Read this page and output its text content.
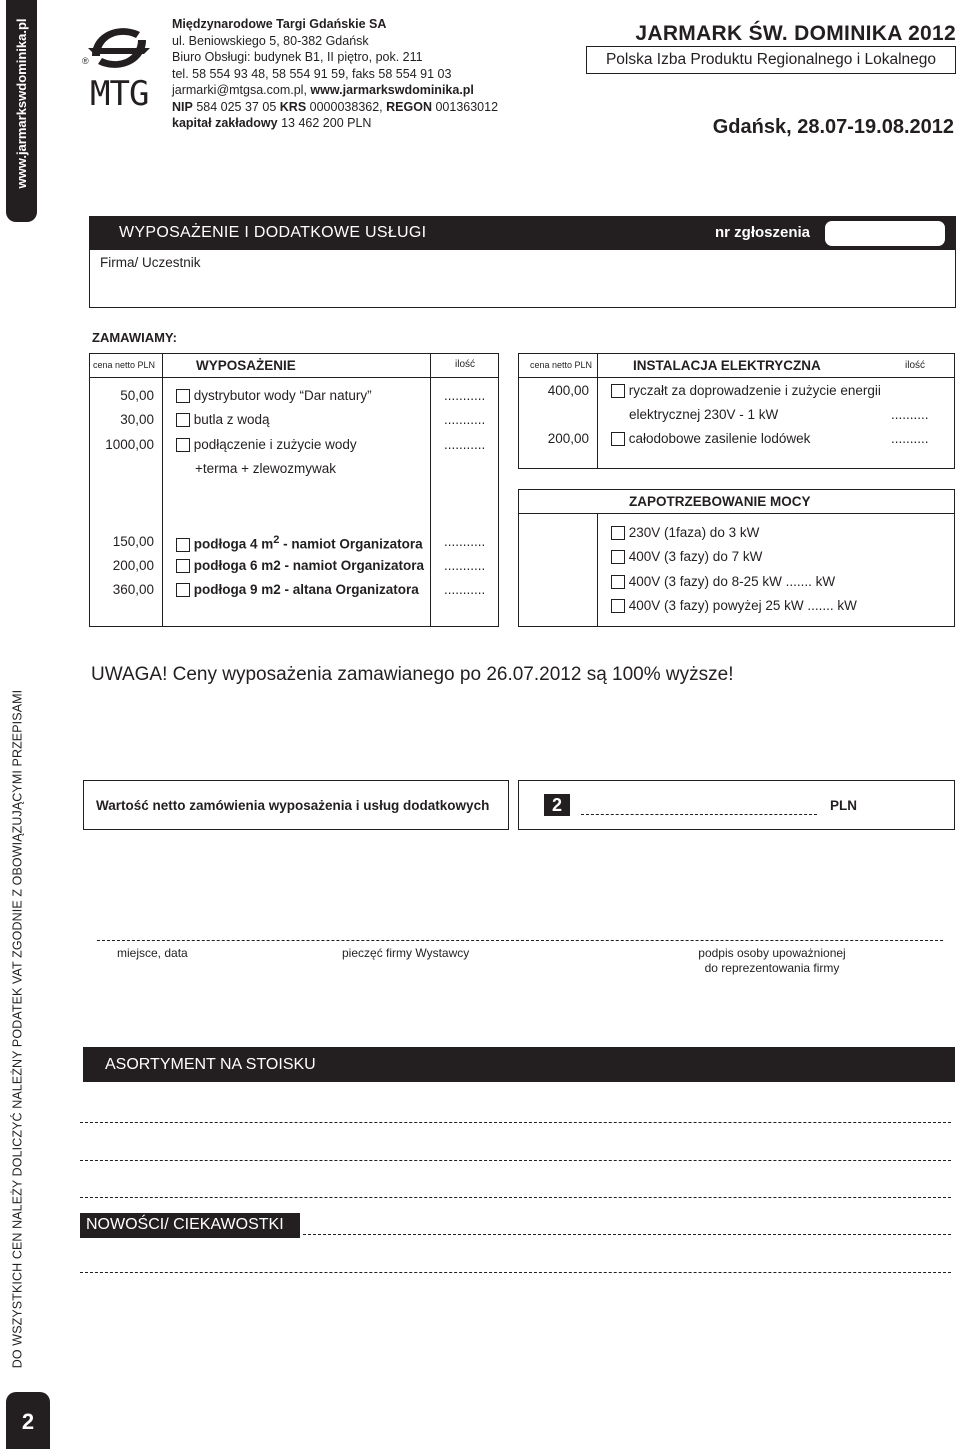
www.jarmarkswdominika.pl
DO WSZYSTKICH CEN NALEŻY DOLICZYĆ NALEŻNY PODATEK VAT ZGODNIE Z OBOWIĄZUJĄCYMI PRZEPISAMI
2
®
MTG
Międzynarodowe Targi Gdańskie SA
ul. Beniowskiego 5, 80-382 Gdańsk
Biuro Obsługi: budynek B1, II piętro, pok. 211
tel. 58 554 93 48, 58 554 91 59, faks 58 554 91 03
jarmarki@mtgsa.com.pl, www.jarmarkswdominika.pl
NIP 584 025 37 05 KRS 0000038362, REGON 001363012
kapitał zakładowy 13 462 200 PLN
JARMARK ŚW. DOMINIKA 2012
Polska Izba Produktu Regionalnego i Lokalnego
Gdańsk, 28.07-19.08.2012
WYPOSAŻENIE I DODATKOWE USŁUGI	nr zgłoszenia
Firma/ Uczestnik
ZAMAWIAMY:
cena netto PLN	WYPOSAŻENIE	ilość
50,00	dystrybutor wody “Dar natury”	...........
30,00	butla z wodą	...........
1000,00	podłączenie i zużycie wody	...........
+terma + zlewozmywak
150,00	podłoga 4 $m^2$ - namiot Organizatora ...........
200,00	podłoga 6 m2 - namiot Organizatora ...........
360,00	podłoga 9 m2 - altana Organizatora ...........
cena netto PLN	INSTALACJA ELEKTRYCZNA	ilość
400,00	ryczałt za doprowadzenie i zużycie energii
elektrycznej 230V - 1 kW	..........
200,00	całodobowe zasilenie lodówek	..........
ZAPOTRZEBOWANIE MOCY
230V (1faza) do 3 kW
400V (3 fazy) do 7 kW
400V (3 fazy) do 8-25 kW ....... kW
400V (3 fazy) powyżej 25 kW ....... kW
UWAGA! Ceny wyposażenia zamawianego po 26.07.2012 są 100% wyższe!
Wartość netto zamówienia wyposażenia i usług dodatkowych	2	PLN
miejsce, data	pieczęć firmy Wystawcy	podpis osoby upoważnionej
do reprezentowania firmy
ASORTYMENT NA STOISKU
NOWOŚCI/ CIEKAWOSTKI
